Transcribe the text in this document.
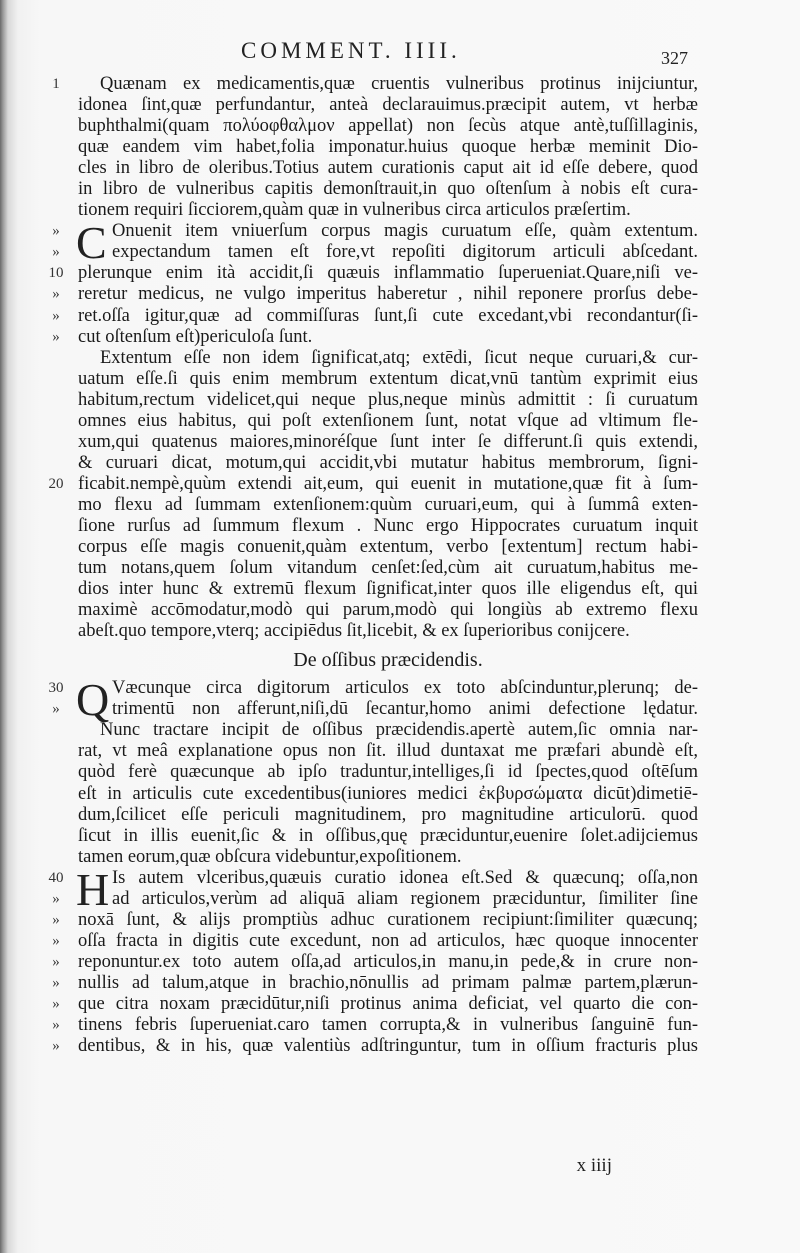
COMMENT. IIII.	327
1	Quænam ex medicamentis,quæ cruentis vulneribus protinus inijciuntur,
idonea ſint,quæ perfundantur, anteà declarauimus.præcipit autem, vt herbæ
buphthalmi(quam πολύοφθαλμον appellat) non ſecùs atque antè,tuſſillaginis,
quæ eandem vim habet,folia imponatur.huius quoque herbæ meminit Dio-
cles in libro de oleribus.Totius autem curationis caput ait id eſſe debere, quod
in libro de vulneribus capitis demonſtrauit,in quo oſtenſum à nobis eſt cura-
tionem requiri ſicciorem,quàm quæ in vulneribus circa articulos præſertim.
» C Onuenit item vniuerſum corpus magis curuatum eſſe, quàm extentum.
»	expectandum tamen eſt fore,vt repoſiti digitorum articuli abſcedant.
10 plerunque enim ità accidit,ſi quæuis inflammatio ſuperueniat.Quare,niſi ve-
» reretur medicus, ne vulgo imperitus haberetur , nihil reponere prorſus debe-
» ret.oſſa igitur,quæ ad commiſſuras ſunt,ſi cute excedant,vbi recondantur(ſi-
» cut oſtenſum eſt)periculoſa ſunt.
Extentum eſſe non idem ſignificat,atq; extēdi, ſicut neque curuari,& cur-
uatum eſſe.ſi quis enim membrum extentum dicat,vnū tantùm exprimit eius
habitum,rectum videlicet,qui neque plus,neque minùs admittit : ſi curuatum
omnes eius habitus, qui poſt extenſionem ſunt, notat vſque ad vltimum fle-
xum,qui quatenus maiores,minoréſque ſunt inter ſe differunt.ſi quis extendi,
& curuari dicat, motum,qui accidit,vbi mutatur habitus membrorum, ſigni-
20 ficabit.nempè,quùm extendi ait,eum, qui euenit in mutatione,quæ fit à ſum-
mo flexu ad ſummam extenſionem:quùm curuari,eum, qui à ſummâ exten-
ſione rurſus ad ſummum flexum . Nunc ergo Hippocrates curuatum inquit
corpus eſſe magis conuenit,quàm extentum, verbo [extentum] rectum habi-
tum notans,quem ſolum vitandum cenſet:ſed,cùm ait curuatum,habitus me-
dios inter hunc & extremū flexum ſignificat,inter quos ille eligendus eſt, qui
maximè accōmodatur,modò qui parum,modò qui longiùs ab extremo flexu
abeſt.quo tempore,vterq; accipiēdus ſit,licebit, & ex ſuperioribus conijcere.
De oſſibus præcidendis.
30 Q Væcunque circa digitorum articulos ex toto abſcinduntur,plerunq; de-
»	trimentū non afferunt,niſi,dū ſecantur,homo animi defectione lędatur.
Nunc tractare incipit de oſſibus præcidendis.apertè autem,ſic omnia nar-
rat, vt meâ explanatione opus non ſit. illud duntaxat me præfari abundè eſt,
quòd ferè quæcunque ab ipſo traduntur,intelliges,ſi id ſpectes,quod oſtēſum
eſt in articulis cute excedentibus(iuniores medici ἐκβυρσώματα dicūt)dimetiē-
dum,ſcilicet eſſe periculi magnitudinem, pro magnitudine articulorū. quod
ſicut in illis euenit,ſic & in oſſibus,quę præciduntur,euenire ſolet.adijciemus
tamen eorum,quæ obſcura videbuntur,expoſitionem.
40 H Is autem vlceribus,quæuis curatio idonea eſt.Sed & quæcunq; oſſa,non
»	ad articulos,verùm ad aliquā aliam regionem præciduntur, ſimiliter ſine
» noxā ſunt, & alijs promptiùs adhuc curationem recipiunt:ſimiliter quæcunq;
» oſſa fracta in digitis cute excedunt, non ad articulos, hæc quoque innocenter
» reponuntur.ex toto autem oſſa,ad articulos,in manu,in pede,& in crure non-
» nullis ad talum,atque in brachio,nōnullis ad primam palmæ partem,plærun-
» que citra noxam præcidūtur,niſi protinus anima deficiat, vel quarto die con-
» tinens febris ſuperueniat.caro tamen corrupta,& in vulneribus ſanguinē fun-
» dentibus, & in his, quæ valentiùs adſtringuntur, tum in oſſium fracturis plus
x iiij
